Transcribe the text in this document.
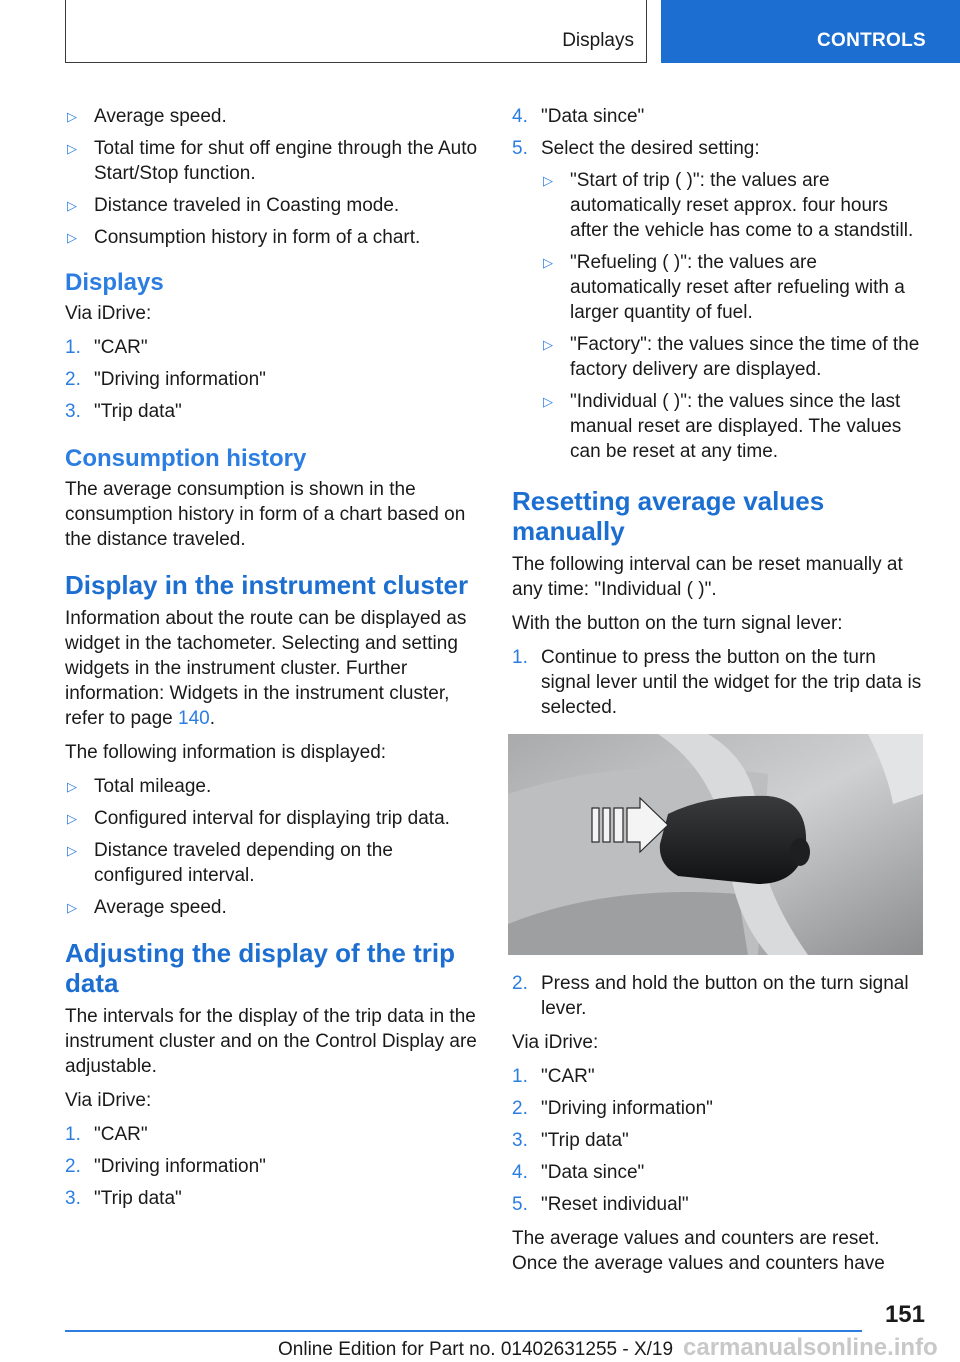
Displays	CONTROLS
▷ Average speed.
▷ Total time for shut off engine through the Auto Start/Stop function.
▷ Distance traveled in Coasting mode.
▷ Consumption history in form of a chart.
Displays

Via iDrive:

1. "CAR"
2. "Driving information"
3. "Trip data"
Consumption history

The average consumption is shown in the consumption history in form of a chart based on the distance traveled.

Display in the instrument cluster

Information about the route can be displayed as widget in the tachometer. Selecting and setting widgets in the instrument cluster. Further information: Widgets in the instrument cluster, refer to page 140.

The following information is displayed:

▷ Total mileage.
▷ Configured interval for displaying trip data.
▷ Distance traveled depending on the configured interval.
▷ Average speed.
Adjusting the display of the trip data

The intervals for the display of the trip data in the instrument cluster and on the Control Display are adjustable.

Via iDrive:

1. "CAR"
2. "Driving information"
3. "Trip data"
4. "Data since"
5. Select the desired setting:
▷ "Start of trip ( )": the values are automatically reset approx. four hours after the vehicle has come to a standstill.
▷ "Refueling ( )": the values are automatically reset after refueling with a larger quantity of fuel.
▷ "Factory": the values since the time of the factory delivery are displayed.
▷ "Individual ( )": the values since the last manual reset are displayed. The values can be reset at any time.
Resetting average values manually

The following interval can be reset manually at any time: "Individual ( )".

With the button on the turn signal lever:

1. Continue to press the button on the turn signal lever until the widget for the trip data is selected.
2. Press and hold the button on the turn signal lever.

Via iDrive:

1. "CAR"
2. "Driving information"
3. "Trip data"
4. "Data since"
5. "Reset individual"

The average values and counters are reset. Once the average values and counters have

151
Online Edition for Part no. 01402631255 - X/19 carmanualsonline.info
